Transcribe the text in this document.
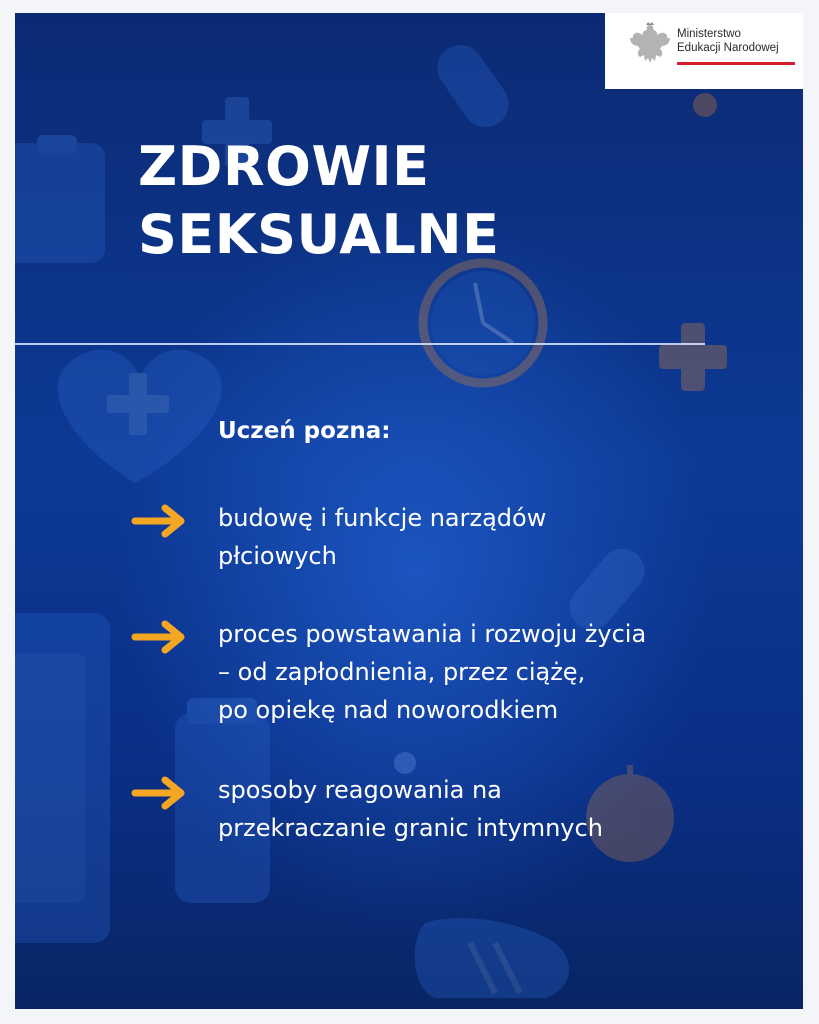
Ministerstwo
Edukacji Narodowej
ZDROWIE
SEKSUALNE
Uczeń pozna:
budowę i funkcje narządów
płciowych
proces powstawania i rozwoju życia
– od zapłodnienia, przez ciążę,
po opiekę nad noworodkiem
sposoby reagowania na
przekraczanie granic intymnych
